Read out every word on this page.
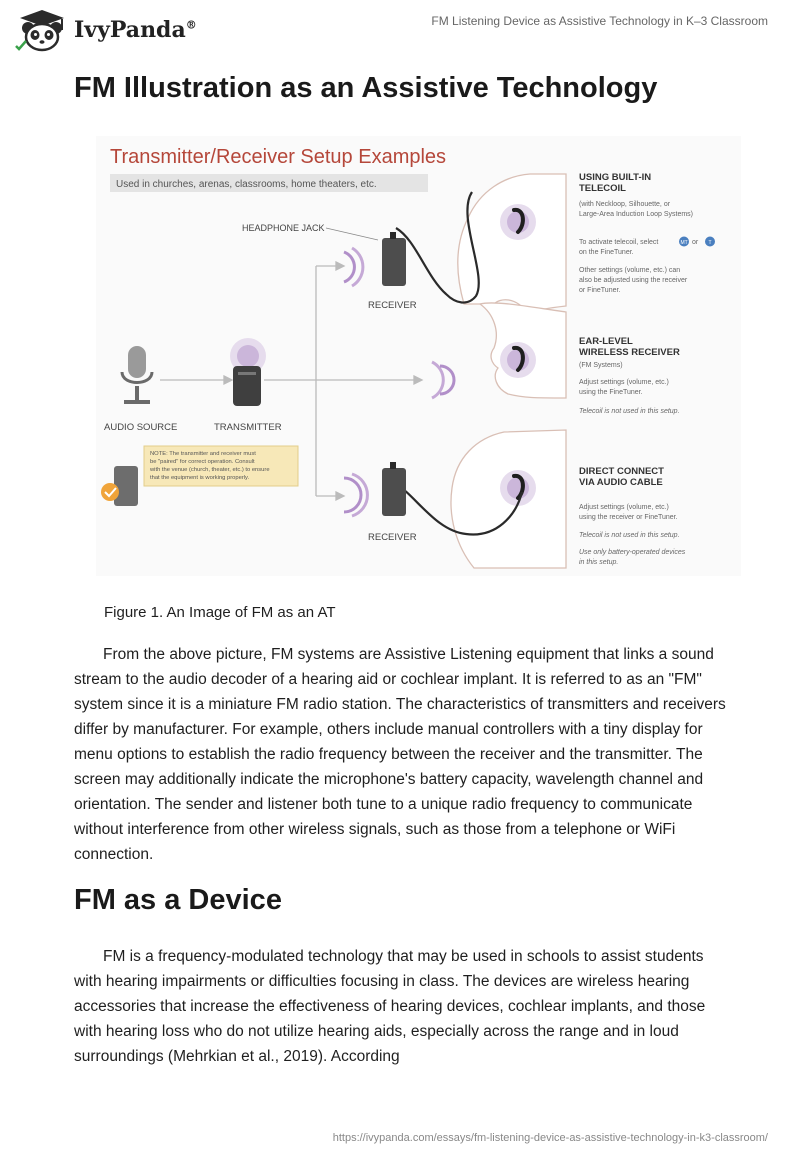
IvyPanda®	FM Listening Device as Assistive Technology in K–3 Classroom
FM Illustration as an Assistive Technology
Transmitter/Receiver Setup Examples
Used in churches, arenas, classrooms, home theaters, etc.
HEADPHONE JACK
RECEIVER
RECEIVER
AUDIO SOURCE	TRANSMITTER
NOTE: The transmitter and receiver must
be "paired" for correct operation. Consult
with the venue (church, theater, etc.) to ensure
that the equipment is working properly.
USING BUILT-IN
TELECOIL
(with Neckloop, Silhouette, or
Large-Area Induction Loop Systems)
To activate telecoil, select	MT or T
on the FineTuner.
Other settings (volume, etc.) can
also be adjusted using the receiver
or FineTuner.
EAR-LEVEL
WIRELESS RECEIVER
(FM Systems)
Adjust settings (volume, etc.)
using the FineTuner.
Telecoil is not used in this setup.
DIRECT CONNECT
VIA AUDIO CABLE
Adjust settings (volume, etc.)
using the receiver or FineTuner.
Telecoil is not used in this setup.
Use only battery-operated devices
in this setup.
Figure 1. An Image of FM as an AT

From the above picture, FM systems are Assistive Listening equipment that links a sound stream to the audio decoder of a hearing aid or cochlear implant. It is referred to as an "FM" system since it is a miniature FM radio station. The characteristics of transmitters and receivers differ by manufacturer. For example, others include manual controllers with a tiny display for menu options to establish the radio frequency between the receiver and the transmitter. The screen may additionally indicate the microphone's battery capacity, wavelength channel and orientation. The sender and listener both tune to a unique radio frequency to communicate without interference from other wireless signals, such as those from a telephone or WiFi connection.

FM as a Device

FM is a frequency-modulated technology that may be used in schools to assist students with hearing impairments or difficulties focusing in class. The devices are wireless hearing accessories that increase the effectiveness of hearing devices, cochlear implants, and those with hearing loss who do not utilize hearing aids, especially across the range and in loud surroundings (Mehrkian et al., 2019). According

https://ivypanda.com/essays/fm-listening-device-as-assistive-technology-in-k3-classroom/
